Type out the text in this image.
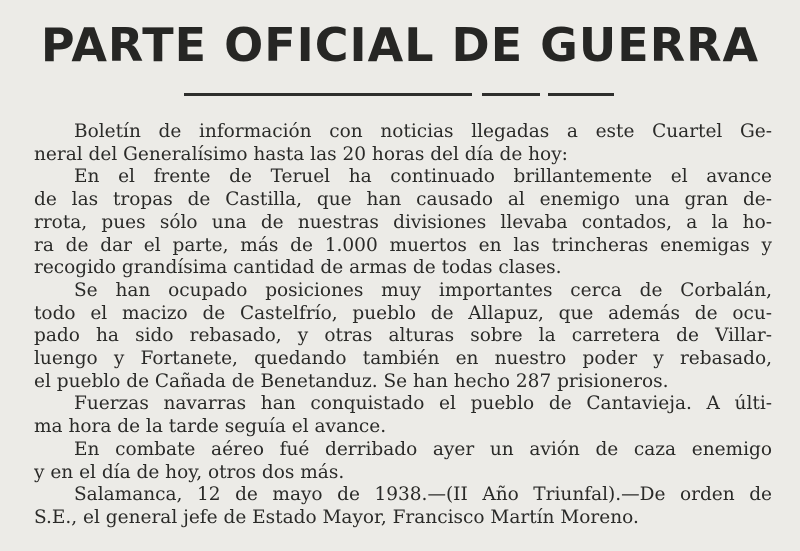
PARTE OFICIAL DE GUERRA
Boletín de información con noticias llegadas a este Cuartel Ge-
neral del Generalísimo hasta las 20 horas del día de hoy:
En el frente de Teruel ha continuado brillantemente el avance
de las tropas de Castilla, que han causado al enemigo una gran de-
rrota, pues sólo una de nuestras divisiones llevaba contados, a la ho-
ra de dar el parte, más de 1.000 muertos en las trincheras enemigas y
recogido grandísima cantidad de armas de todas clases.
Se han ocupado posiciones muy importantes cerca de Corbalán,
todo el macizo de Castelfrío, pueblo de Allapuz, que además de ocu-
pado ha sido rebasado, y otras alturas sobre la carretera de Villar-
luengo y Fortanete, quedando también en nuestro poder y rebasado,
el pueblo de Cañada de Benetanduz. Se han hecho 287 prisioneros.
Fuerzas navarras han conquistado el pueblo de Cantavieja. A últi-
ma hora de la tarde seguía el avance.
En combate aéreo fué derribado ayer un avión de caza enemigo
y en el día de hoy, otros dos más.
Salamanca, 12 de mayo de 1938.—(II Año Triunfal).—De orden de
S.E., el general jefe de Estado Mayor, Francisco Martín Moreno.
